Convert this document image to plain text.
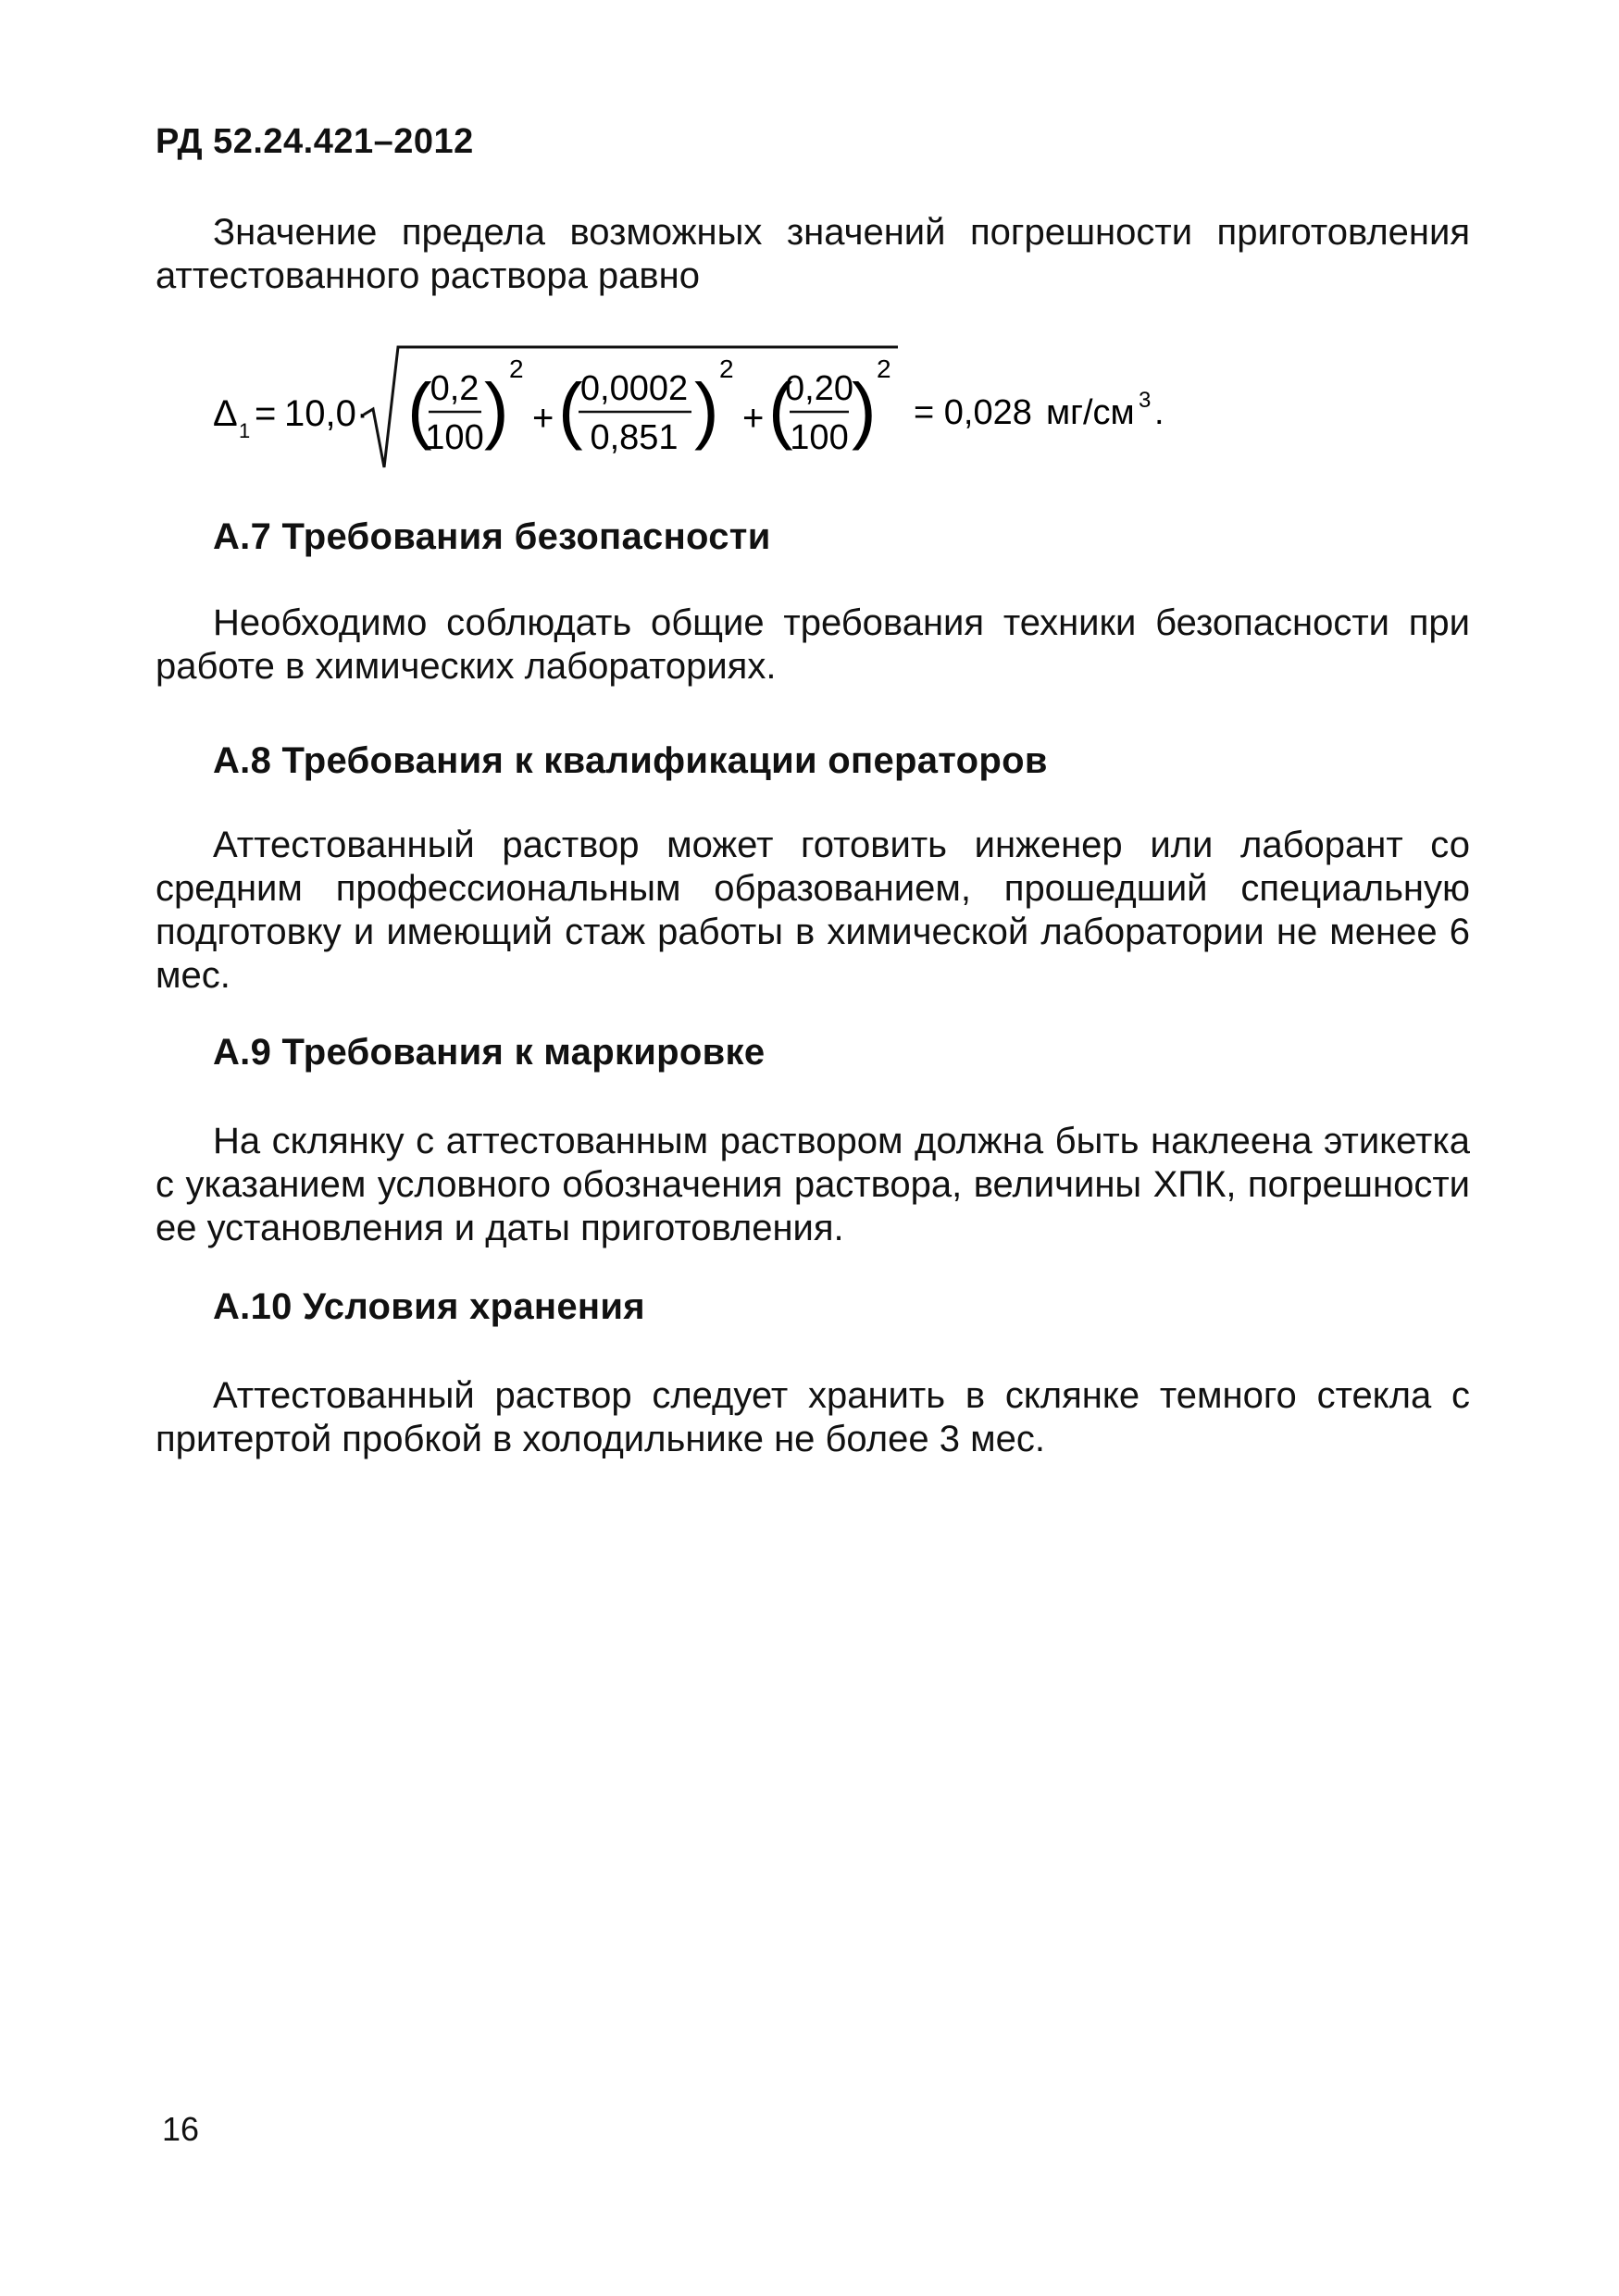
РД 52.24.421–2012
Значение предела возможных значений погрешности приготовления аттестованного раствора равно
Δ 1 = 10,0· (
0,2
100 ) 2
+ (
0,0002
0,851 ) 2
+ (
0,20
100 ) 2
= 0,028 мг/см 3 .
А.7 Требования безопасности
Необходимо соблюдать общие требования техники безопасности при работе в химических лабораториях.
А.8 Требования к квалификации операторов
Аттестованный раствор может готовить инженер или лаборант со средним профессиональным образованием, прошедший специальную подготовку и имеющий стаж работы в химической лаборатории не менее 6 мес.
А.9 Требования к маркировке
На склянку с аттестованным раствором должна быть наклеена этикетка с указанием условного обозначения раствора, величины ХПК, погрешности ее установления и даты приготовления.
А.10 Условия хранения
Аттестованный раствор следует хранить в склянке темного стекла с притертой пробкой в холодильнике не более 3 мес.
16
